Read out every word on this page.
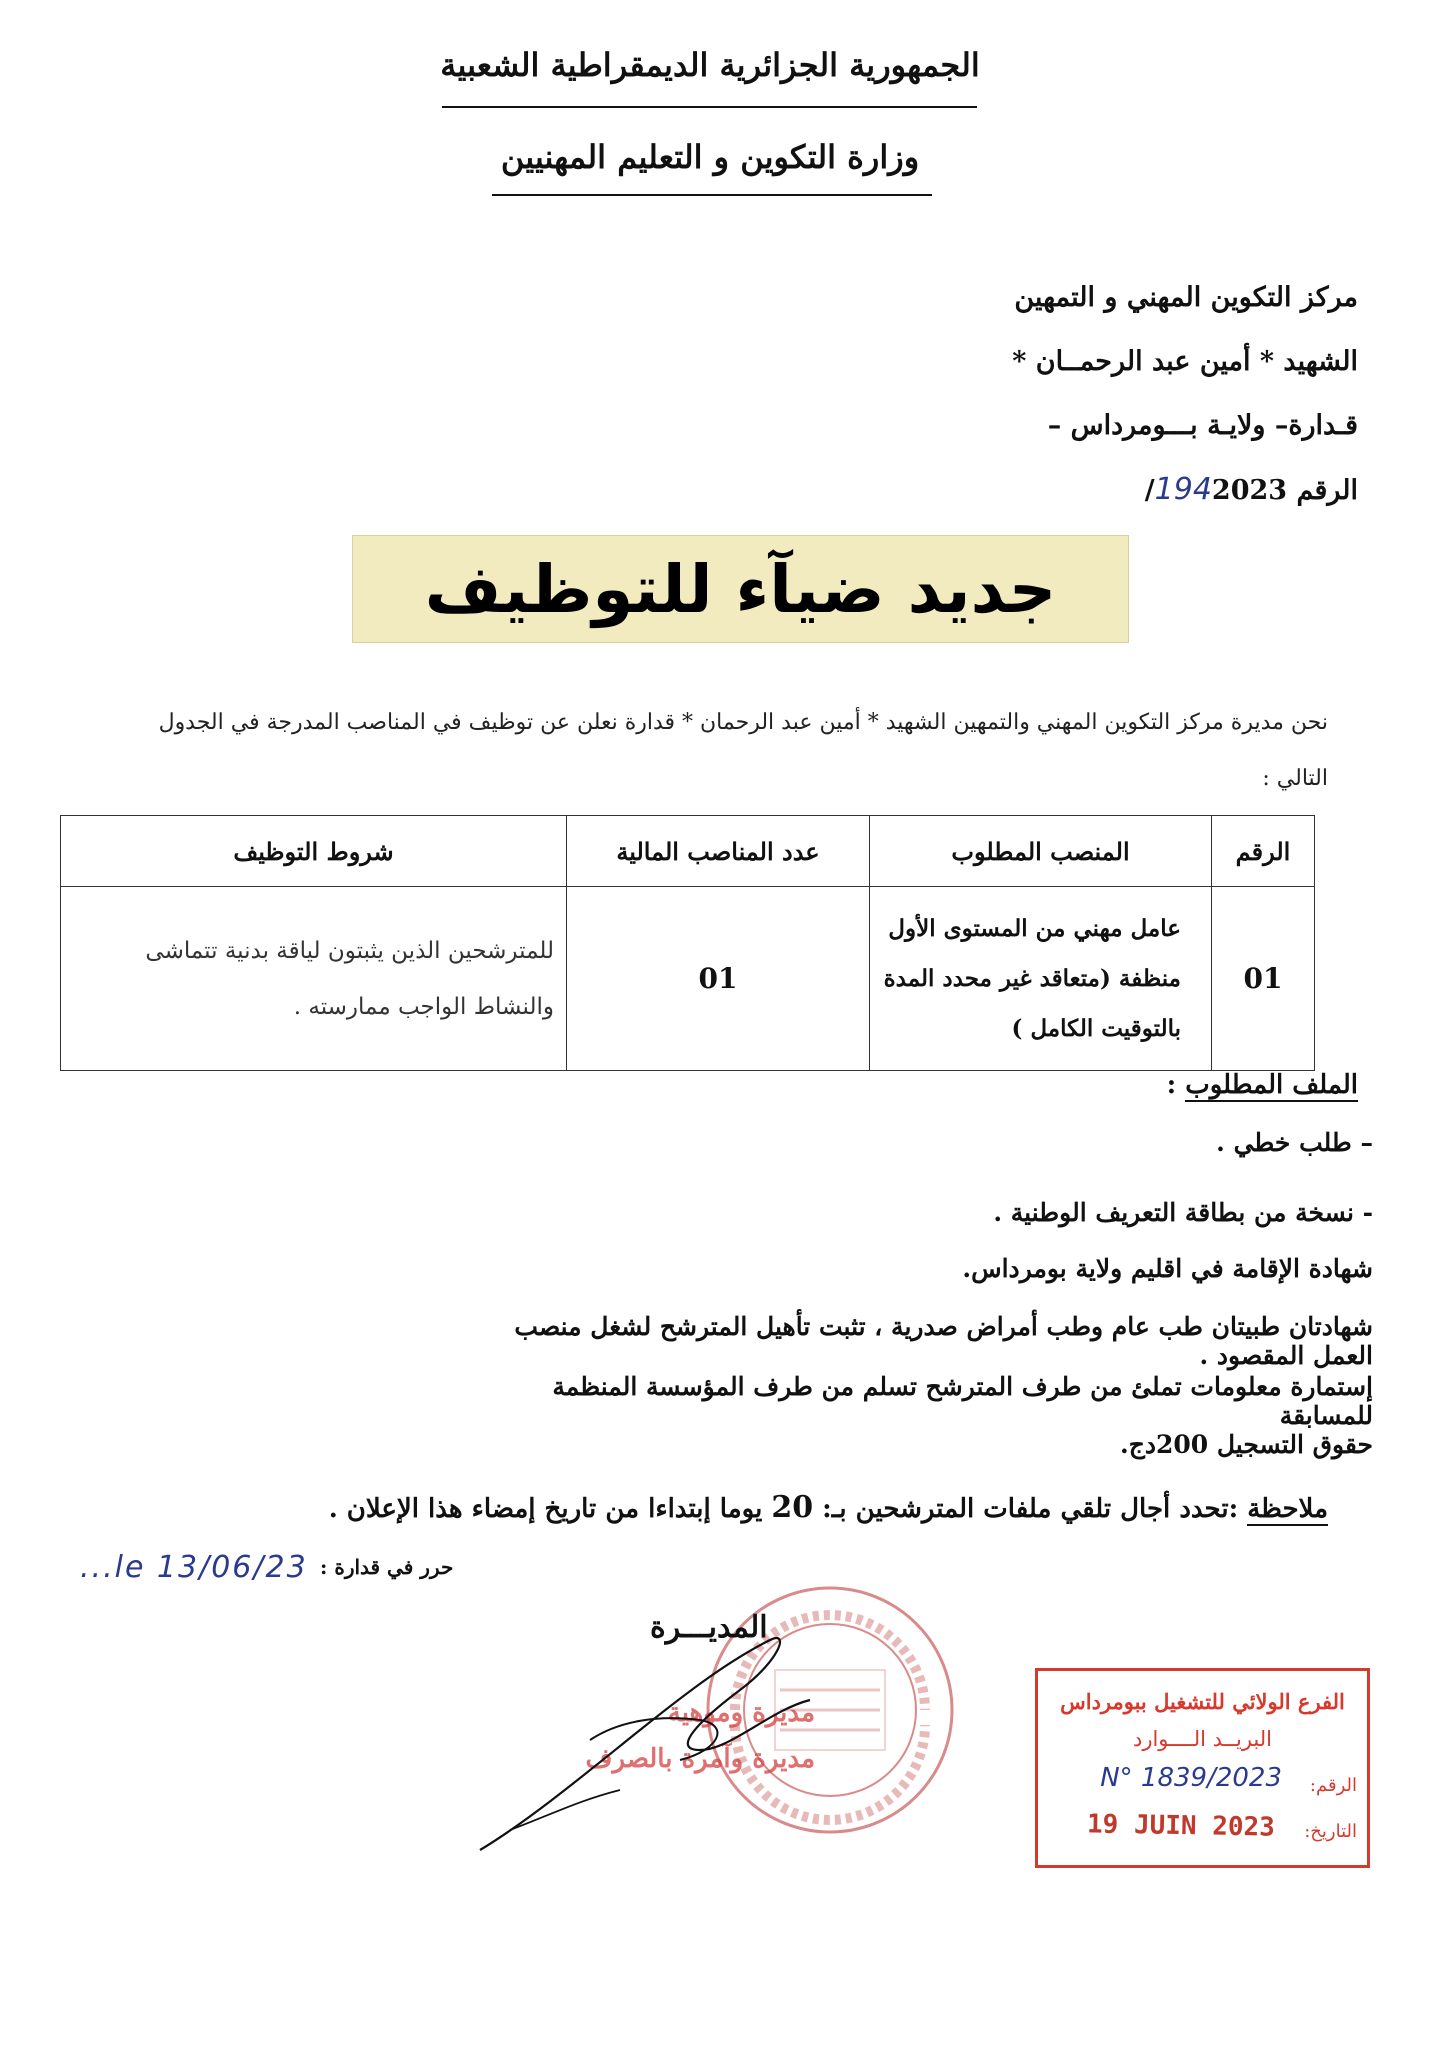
الجمهورية الجزائرية الديمقراطية الشعبية
وزارة التكوين و التعليم المهنيين
مركز التكوين المهني و التمهين
الشهيد * أمين عبد الرحمــان *
قـدارة– ولايـة بـــومرداس –
الرقم 1942023/
جديد ضيآء للتوظيف
نحن مديرة مركز التكوين المهني والتمهين الشهيد * أمين عبد الرحمان * قدارة نعلن عن توظيف في المناصب المدرجة في الجدول التالي :
الرقم	المنصب المطلوب	عدد المناصب المالية	شروط التوظيف
01	عامل مهني من المستوى الأول منظفة (متعاقد غير محدد المدة بالتوقيت الكامل )	01	للمترشحين الذين يثبتون لياقة بدنية تتماشى والنشاط الواجب ممارسته .
الملف المطلوب :
– طلب خطي .
- نسخة من بطاقة التعريف الوطنية .
شهادة الإقامة في اقليم ولاية بومرداس.
شهادتان طبيتان طب عام وطب أمراض صدرية ، تثبت تأهيل المترشح لشغل منصب العمل المقصود .
إستمارة معلومات تملئ من طرف المترشح تسلم من طرف المؤسسة المنظمة للمسابقة
حقوق التسجيل 200دج.
ملاحظة :تحدد أجال تلقي ملفات المترشحين بـ: 20 يوما إبتداءا من تاريخ إمضاء هذا الإعلان .
حرر في قدارة :
...le 13/06/23
مديرة وموهية
مديرة وآمرة بالصرف
المديـــرة
الفرع الولائي للتشغيل ببومرداس
البريــد الــــوارد
الرقم:
N° 1839/2023
التاريخ:
19 JUIN 2023
